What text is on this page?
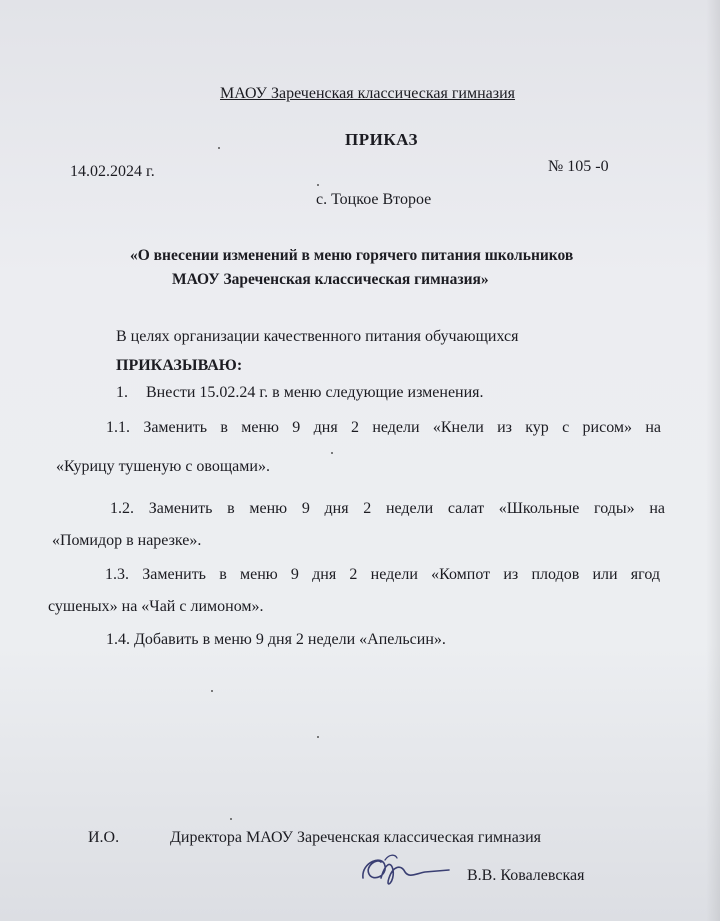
МАОУ Зареченская классическая гимназия
ПРИКАЗ
14.02.2024 г.	№ 105 -0
с. Тоцкое Второе
«О внесении изменений в меню горячего питания школьников
МАОУ Зареченская классическая гимназия»
В целях организации качественного питания обучающихся
ПРИКАЗЫВАЮ:
1. Внести 15.02.24 г. в меню следующие изменения.
1.1. Заменить в меню 9 дня 2 недели «Кнели из кур с рисом» на
«Курицу тушеную с овощами».
1.2. Заменить в меню 9 дня 2 недели салат «Школьные годы» на
«Помидор в нарезке».
1.3. Заменить в меню 9 дня 2 недели «Компот из плодов или ягод
сушеных» на «Чай с лимоном».
1.4. Добавить в меню 9 дня 2 недели «Апельсин».
И.О.	Директора МАОУ Зареченская классическая гимназия
В.В. Ковалевская
